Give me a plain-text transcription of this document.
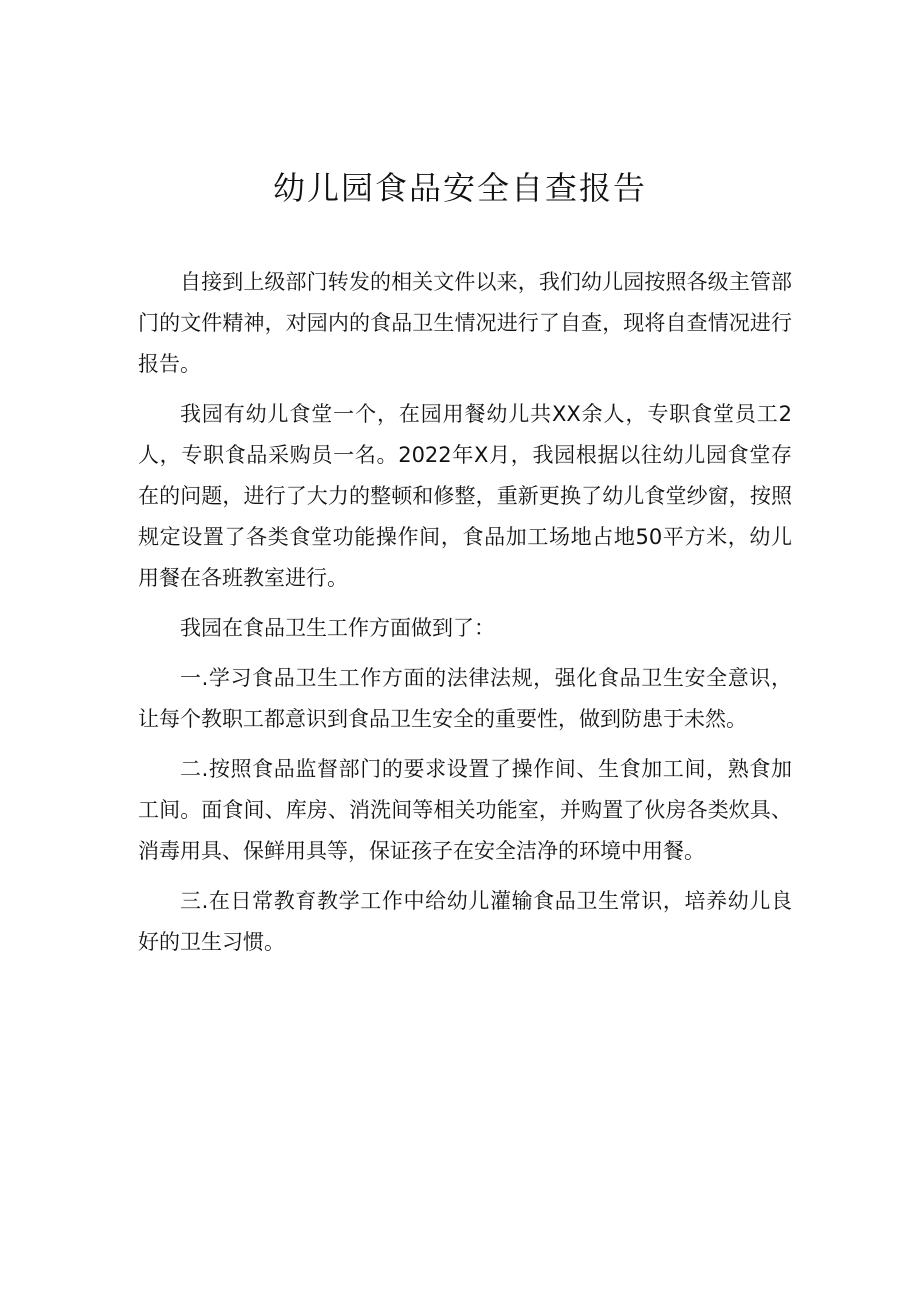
幼儿园食品安全自查报告

自接到上级部门转发的相关文件以来，我们幼儿园按照各级主管部门的文件精神，对园内的食品卫生情况进行了自查，现将自查情况进行报告。

我园有幼儿食堂一个，在园用餐幼儿共XX余人，专职食堂员工2人，专职食品采购员一名。2022年X月，我园根据以往幼儿园食堂存在的问题，进行了大力的整顿和修整，重新更换了幼儿食堂纱窗，按照规定设置了各类食堂功能操作间，食品加工场地占地50平方米，幼儿用餐在各班教室进行。

我园在食品卫生工作方面做到了：

一.学习食品卫生工作方面的法律法规，强化食品卫生安全意识，让每个教职工都意识到食品卫生安全的重要性，做到防患于未然。

二.按照食品监督部门的要求设置了操作间、生食加工间，熟食加工间。面食间、库房、消洗间等相关功能室，并购置了伙房各类炊具、消毒用具、保鲜用具等，保证孩子在安全洁净的环境中用餐。

三.在日常教育教学工作中给幼儿灌输食品卫生常识，培养幼儿良好的卫生习惯。
